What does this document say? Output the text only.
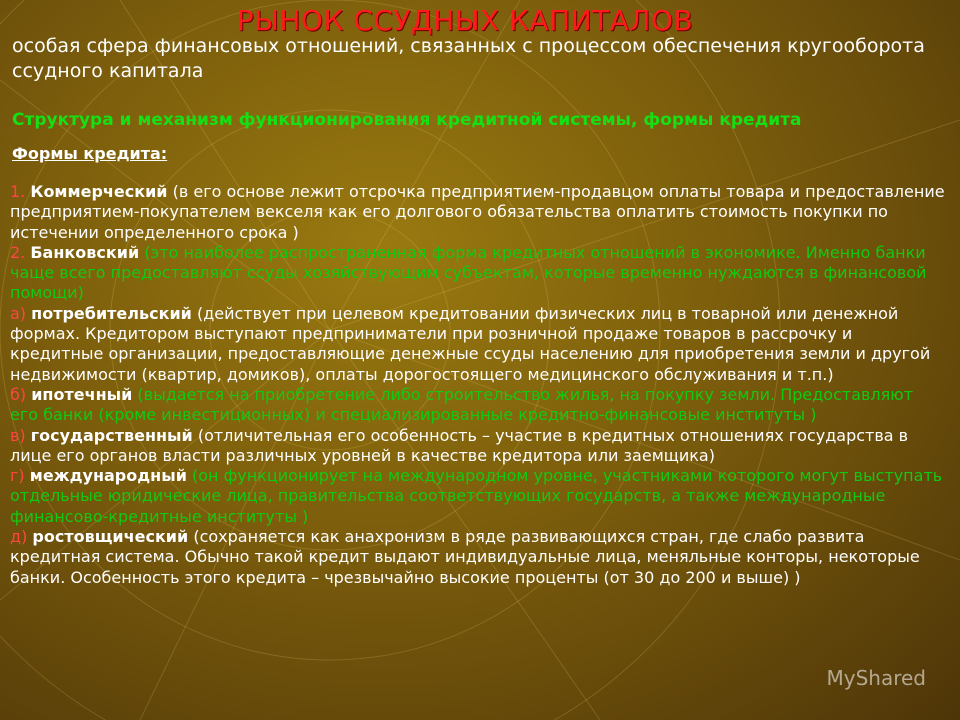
РЫНОК ССУДНЫХ КАПИТАЛОВ
особая сфера финансовых отношений, связанных с процессом обеспечения кругооборота ссудного капитала
Структура и механизм функционирования кредитной системы, формы кредита
Формы кредита:

1. Коммерческий (в его основе лежит отсрочка предприятием-продавцом оплаты товара и предоставление предприятием-покупателем векселя как его долгового обязательства оплатить стоимость покупки по истечении определенного срока )

2. Банковский (это наиболее распространенная форма кредитных отношений в экономике. Именно банки чаще всего предоставляют ссуды хозяйствующим субъектам, которые временно нуждаются в финансовой помощи)

а) потребительский (действует при целевом кредитовании физических лиц в товарной или денежной формах. Кредитором выступают предприниматели при розничной продаже товаров в рассрочку и кредитные организации, предоставляющие денежные ссуды населению для приобретения земли и другой недвижимости (квартир, домиков), оплаты дорогостоящего медицинского обслуживания и т.п.)

б) ипотечный (выдается на приобретение либо строительство жилья, на покупку земли. Предоставляют его банки (кроме инвестиционных) и специализированные кредитно-финансовые институты )

в) государственный (отличительная его особенность – участие в кредитных отношениях государства в лице его органов власти различных уровней в качестве кредитора или заемщика)

г) международный (он функционирует на международном уровне, участниками которого могут выступать отдельные юридические лица, правительства соответствующих государств, а также международные финансово-кредитные институты )

д) ростовщический (сохраняется как анахронизм в ряде развивающихся стран, где слабо развита кредитная система. Обычно такой кредит выдают индивидуальные лица, меняльные конторы, некоторые банки. Особенность этого кредита – чрезвычайно высокие проценты (от 30 до 200 и выше) )

MyShared
